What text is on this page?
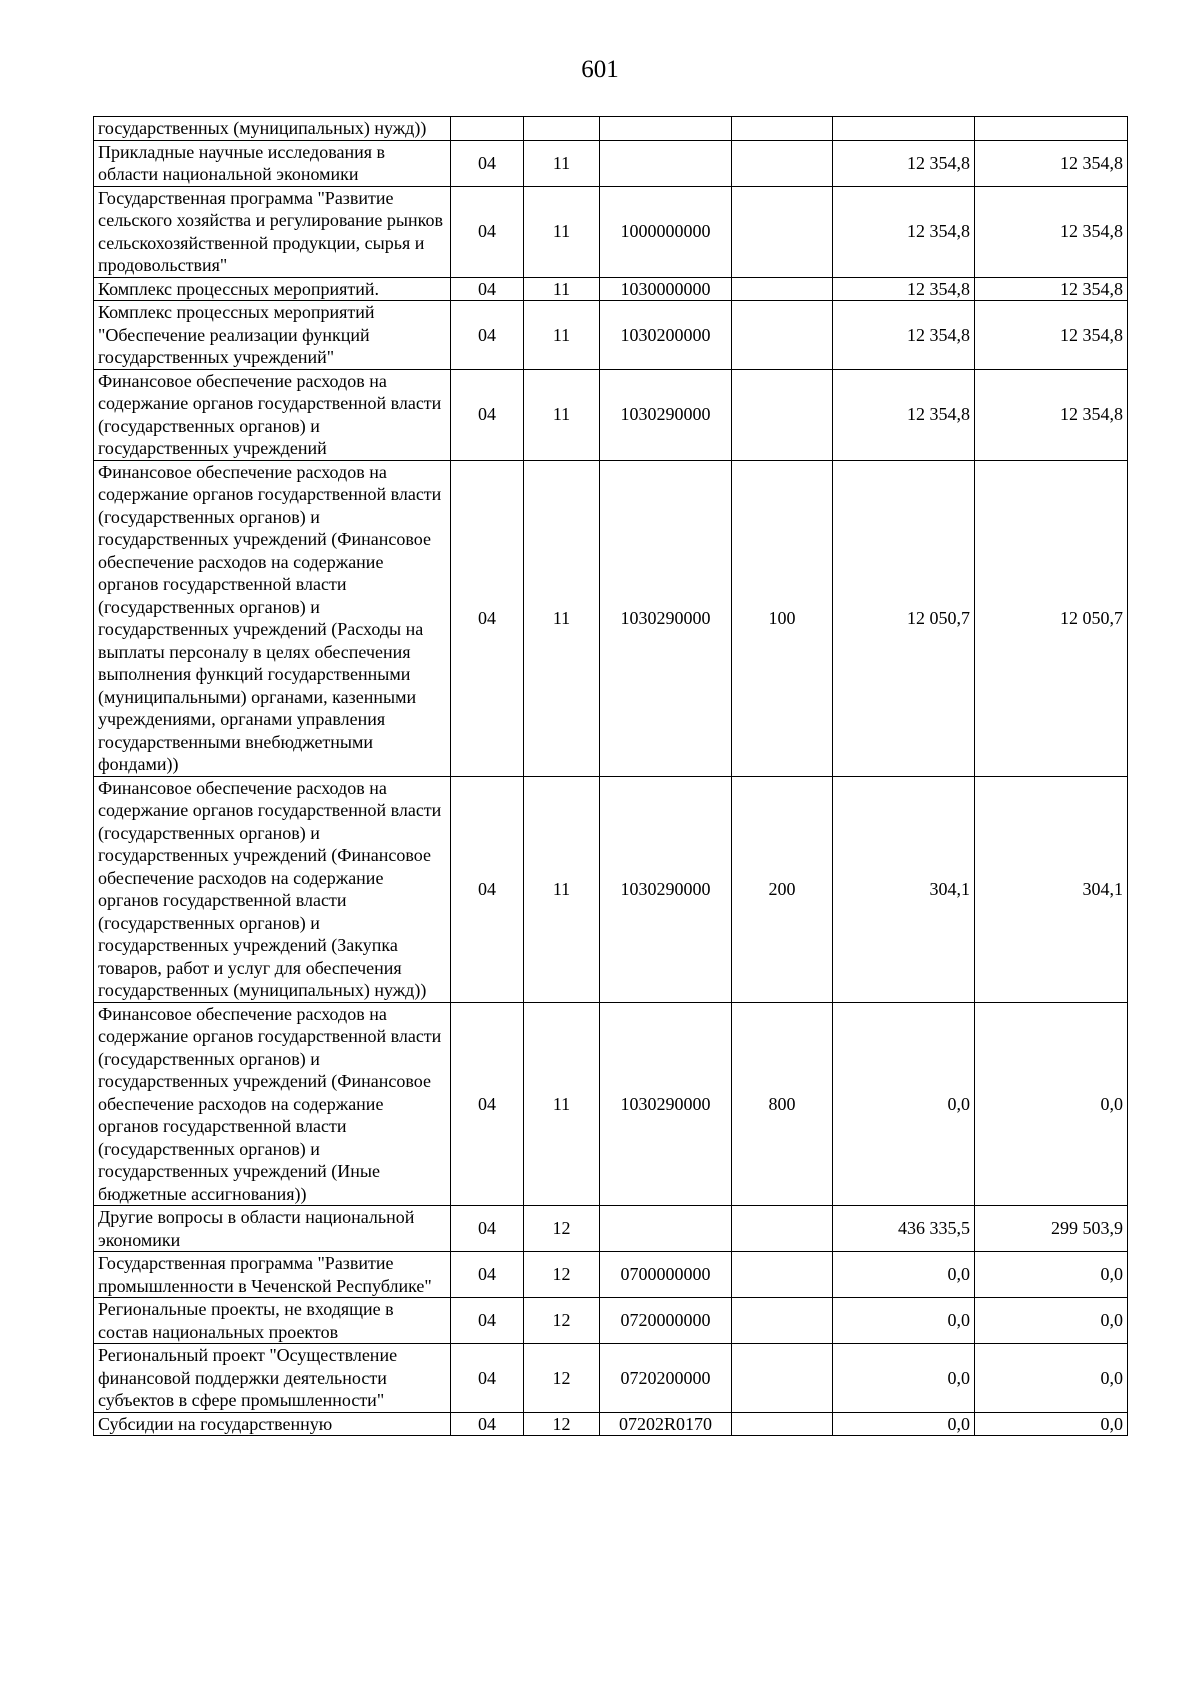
601
государственных (муниципальных) нужд))						
Прикладные научные исследования в области национальной экономики	04	11			12 354,8	12 354,8
Государственная программа "Развитие сельского хозяйства и регулирование рынков сельскохозяйственной продукции, сырья и продовольствия"	04	11	1000000000		12 354,8	12 354,8
Комплекс процессных мероприятий.	04	11	1030000000		12 354,8	12 354,8
Комплекс процессных мероприятий "Обеспечение реализации функций государственных учреждений"	04	11	1030200000		12 354,8	12 354,8
Финансовое обеспечение расходов на содержание органов государственной власти (государственных органов) и государственных учреждений	04	11	1030290000		12 354,8	12 354,8
Финансовое обеспечение расходов на содержание органов государственной власти (государственных органов) и государственных учреждений (Финансовое обеспечение расходов на содержание органов государственной власти (государственных органов) и государственных учреждений (Расходы на выплаты персоналу в целях обеспечения выполнения функций государственными (муниципальными) органами, казенными учреждениями, органами управления государственными внебюджетными фондами))	04	11	1030290000	100	12 050,7	12 050,7
Финансовое обеспечение расходов на содержание органов государственной власти (государственных органов) и государственных учреждений (Финансовое обеспечение расходов на содержание органов государственной власти (государственных органов) и государственных учреждений (Закупка товаров, работ и услуг для обеспечения государственных (муниципальных) нужд))	04	11	1030290000	200	304,1	304,1
Финансовое обеспечение расходов на содержание органов государственной власти (государственных органов) и государственных учреждений (Финансовое обеспечение расходов на содержание органов государственной власти (государственных органов) и государственных учреждений (Иные бюджетные ассигнования))	04	11	1030290000	800	0,0	0,0
Другие вопросы в области национальной экономики	04	12			436 335,5	299 503,9
Государственная программа "Развитие промышленности в Чеченской Республике"	04	12	0700000000		0,0	0,0
Региональные проекты, не входящие в состав национальных проектов	04	12	0720000000		0,0	0,0
Региональный проект "Осуществление финансовой поддержки деятельности субъектов в сфере промышленности"	04	12	0720200000		0,0	0,0
Субсидии на государственную	04	12	07202R0170		0,0	0,0
